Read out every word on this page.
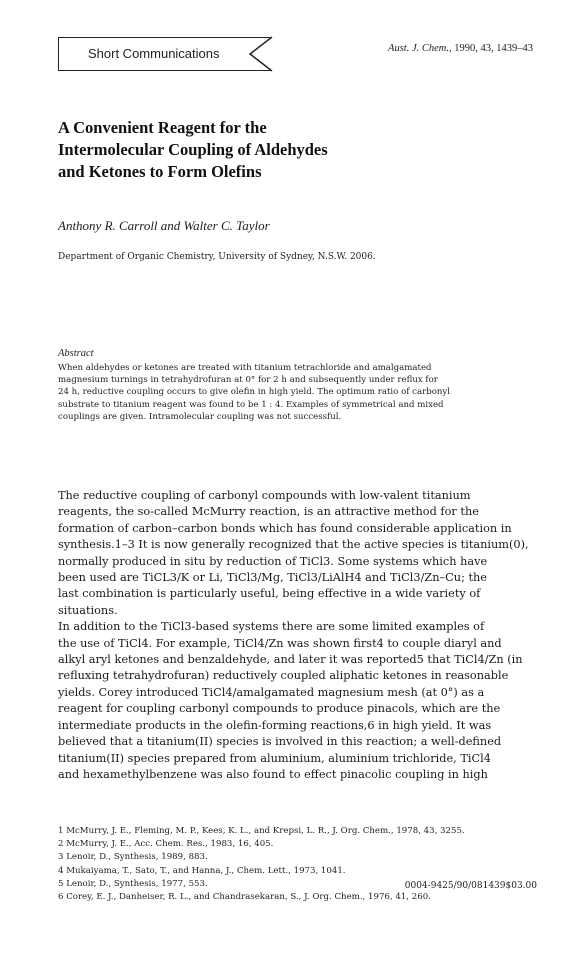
Short Communications	Aust. J. Chem., 1990, 43, 1439–43
A Convenient Reagent for the
Intermolecular Coupling of Aldehydes
and Ketones to Form Olefins
Anthony R. Carroll and Walter C. Taylor
Department of Organic Chemistry, University of Sydney, N.S.W. 2006.
Abstract
When aldehydes or ketones are treated with titanium tetrachloride and amalgamated
magnesium turnings in tetrahydrofuran at 0° for 2 h and subsequently under reflux for
24 h, reductive coupling occurs to give olefin in high yield. The optimum ratio of carbonyl
substrate to titanium reagent was found to be 1 : 4. Examples of symmetrical and mixed
couplings are given. Intramolecular coupling was not successful.
The reductive coupling of carbonyl compounds with low-valent titanium
reagents, the so-called McMurry reaction, is an attractive method for the
formation of carbon–carbon bonds which has found considerable application in
synthesis.1–3 It is now generally recognized that the active species is titanium(0),
normally produced in situ by reduction of TiCl3. Some systems which have
been used are TiCL3/K or Li, TiCl3/Mg, TiCl3/LiAlH4 and TiCl3/Zn–Cu; the
last combination is particularly useful, being effective in a wide variety of
situations.
In addition to the TiCl3-based systems there are some limited examples of
the use of TiCl4. For example, TiCl4/Zn was shown first4 to couple diaryl and
alkyl aryl ketones and benzaldehyde, and later it was reported5 that TiCl4/Zn (in
refluxing tetrahydrofuran) reductively coupled aliphatic ketones in reasonable
yields. Corey introduced TiCl4/amalgamated magnesium mesh (at 0°) as a
reagent for coupling carbonyl compounds to produce pinacols, which are the
intermediate products in the olefin-forming reactions,6 in high yield. It was
believed that a titanium(II) species is involved in this reaction; a well-defined
titanium(II) species prepared from aluminium, aluminium trichloride, TiCl4
and hexamethylbenzene was also found to effect pinacolic coupling in high
1 McMurry, J. E., Fleming, M. P., Kees, K. L., and Krepsi, L. R., J. Org. Chem., 1978, 43, 3255.
2 McMurry, J. E., Acc. Chem. Res., 1983, 16, 405.
3 Lenoir, D., Synthesis, 1989, 883.
4 Mukaiyama, T., Sato, T., and Hanna, J., Chem. Lett., 1973, 1041.
5 Lenoir, D., Synthesis, 1977, 553.
6 Corey, E. J., Danheiser, R. L., and Chandrasekaran, S., J. Org. Chem., 1976, 41, 260.
0004-9425/90/081439$03.00
